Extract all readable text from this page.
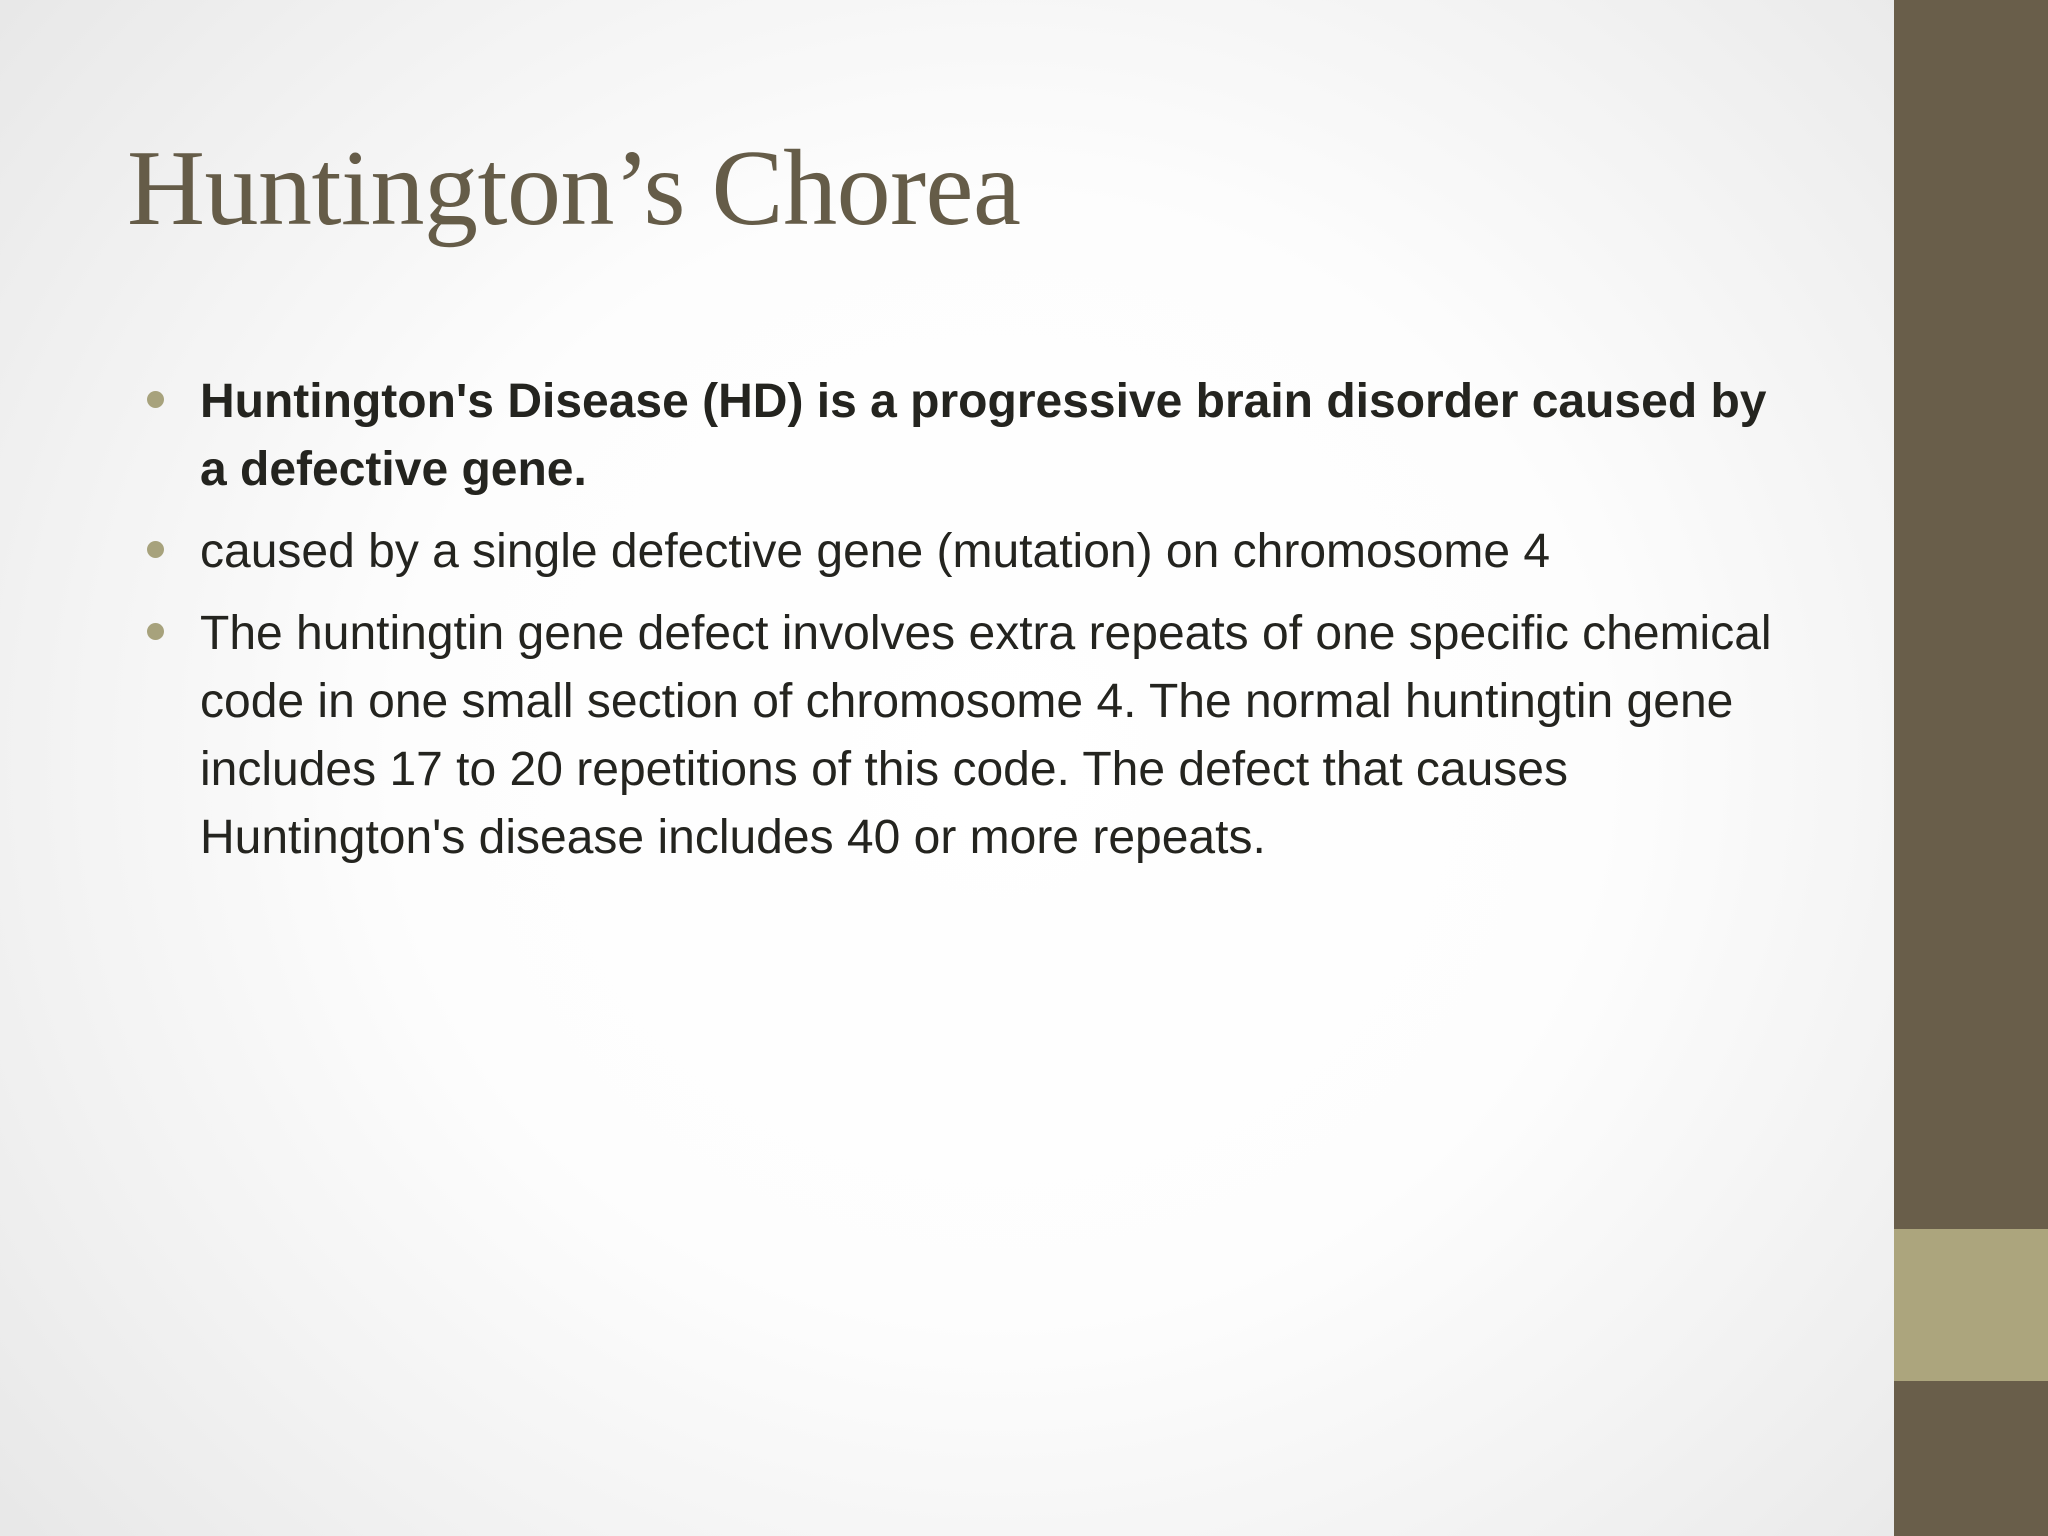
Huntington’s Chorea
Huntington's Disease (HD) is a progressive brain disorder caused by a defective gene.
caused by a single defective gene (mutation) on chromosome 4
The huntingtin gene defect involves extra repeats of one specific chemical code in one small section of chromosome 4. The normal huntingtin gene includes 17 to 20 repetitions of this code. The defect that causes Huntington's disease includes 40 or more repeats.
